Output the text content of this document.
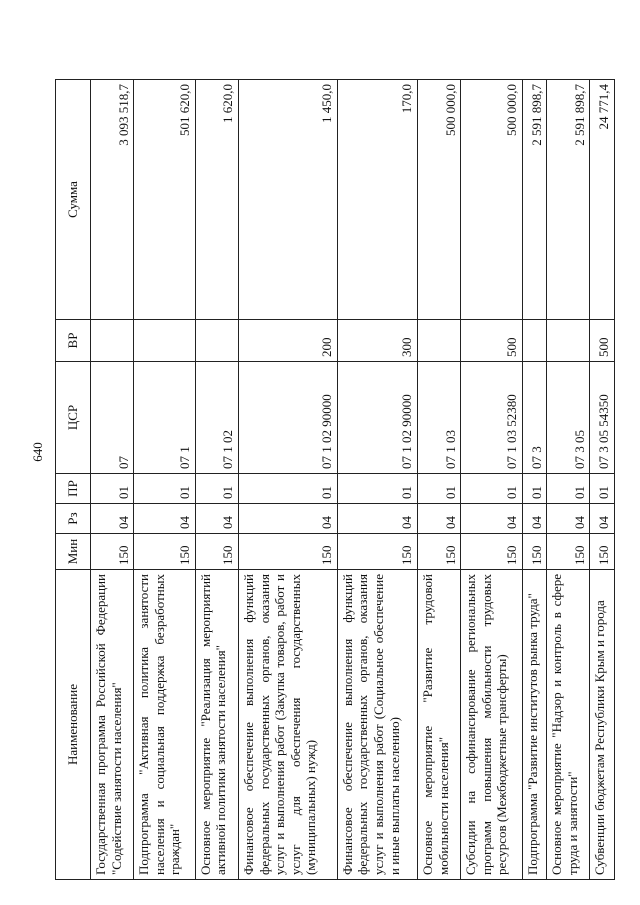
640
Наименование	Мин	Рз	ПР	ЦСР	ВР	Сумма
Государственная программа Российской Федерации "Содействие занятости населения"	150	04	01	07		3 093 518,7
Подпрограмма "Активная политика занятости населения и социальная поддержка безработных граждан"	150	04	01	07 1		501 620,0
Основное мероприятие "Реализация мероприятий активной политики занятости населения"	150	04	01	07 1 02		1 620,0
Финансовое обеспечение выполнения функций федеральных государственных органов, оказания услуг и выполнения работ (Закупка товаров, работ и услуг для обеспечения государственных (муниципальных) нужд)	150	04	01	07 1 02 90000	200	1 450,0
Финансовое обеспечение выполнения функций федеральных государственных органов, оказания услуг и выполнения работ (Социальное обеспечение и иные выплаты населению)	150	04	01	07 1 02 90000	300	170,0
Основное мероприятие "Развитие трудовой мобильности населения"	150	04	01	07 1 03		500 000,0
Субсидии на софинансирование региональных программ повышения мобильности трудовых ресурсов (Межбюджетные трансферты)	150	04	01	07 1 03 52380	500	500 000,0
Подпрограмма "Развитие институтов рынка труда"	150	04	01	07 3		2 591 898,7
Основное мероприятие "Надзор и контроль в сфере труда и занятости"	150	04	01	07 3 05		2 591 898,7
Субвенции бюджетам Республики Крым и города	150	04	01	07 3 05 54350	500	24 771,4
